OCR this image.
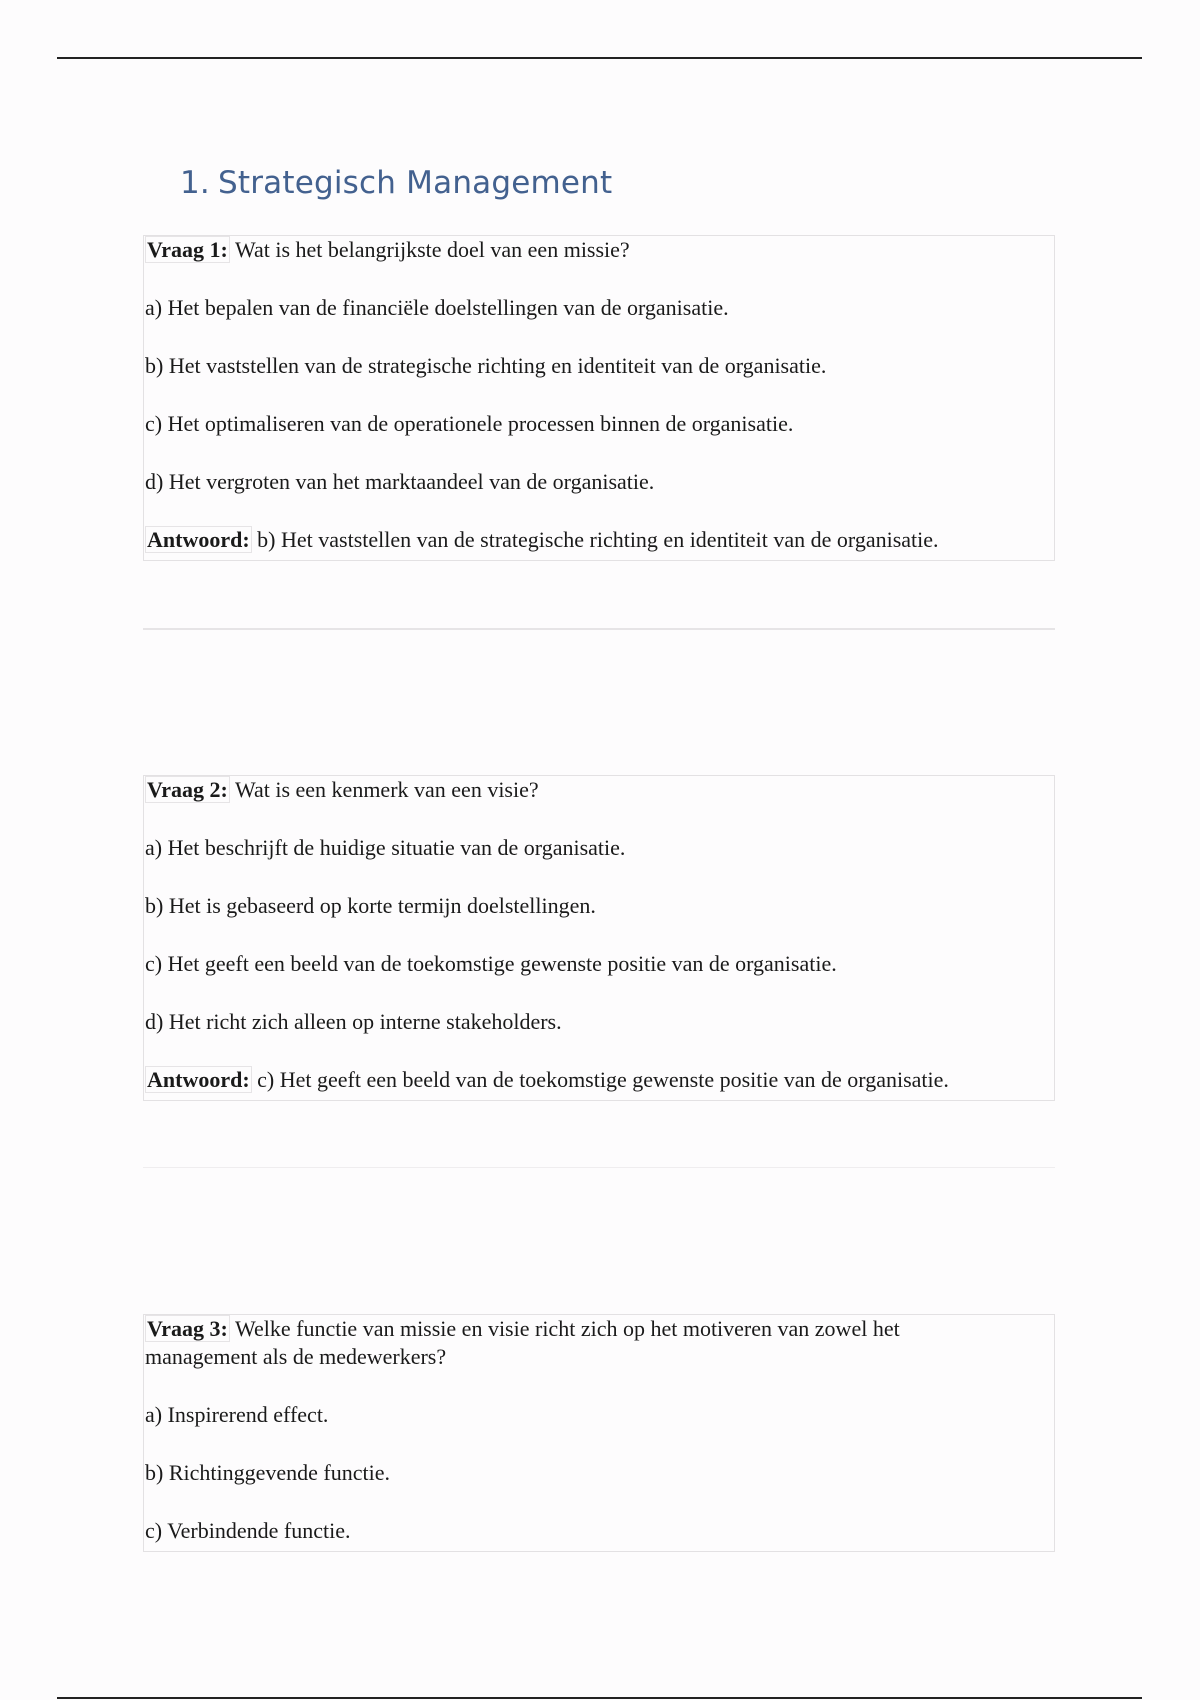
1. Strategisch Management

Vraag 1: Wat is het belangrijkste doel van een missie?

a) Het bepalen van de financiële doelstellingen van de organisatie.

b) Het vaststellen van de strategische richting en identiteit van de organisatie.

c) Het optimaliseren van de operationele processen binnen de organisatie.

d) Het vergroten van het marktaandeel van de organisatie.

Antwoord: b) Het vaststellen van de strategische richting en identiteit van de organisatie.

Vraag 2: Wat is een kenmerk van een visie?

a) Het beschrijft de huidige situatie van de organisatie.

b) Het is gebaseerd op korte termijn doelstellingen.

c) Het geeft een beeld van de toekomstige gewenste positie van de organisatie.

d) Het richt zich alleen op interne stakeholders.

Antwoord: c) Het geeft een beeld van de toekomstige gewenste positie van de organisatie.

Vraag 3: Welke functie van missie en visie richt zich op het motiveren van zowel het management als de medewerkers?

a) Inspirerend effect.

b) Richtinggevende functie.

c) Verbindende functie.
